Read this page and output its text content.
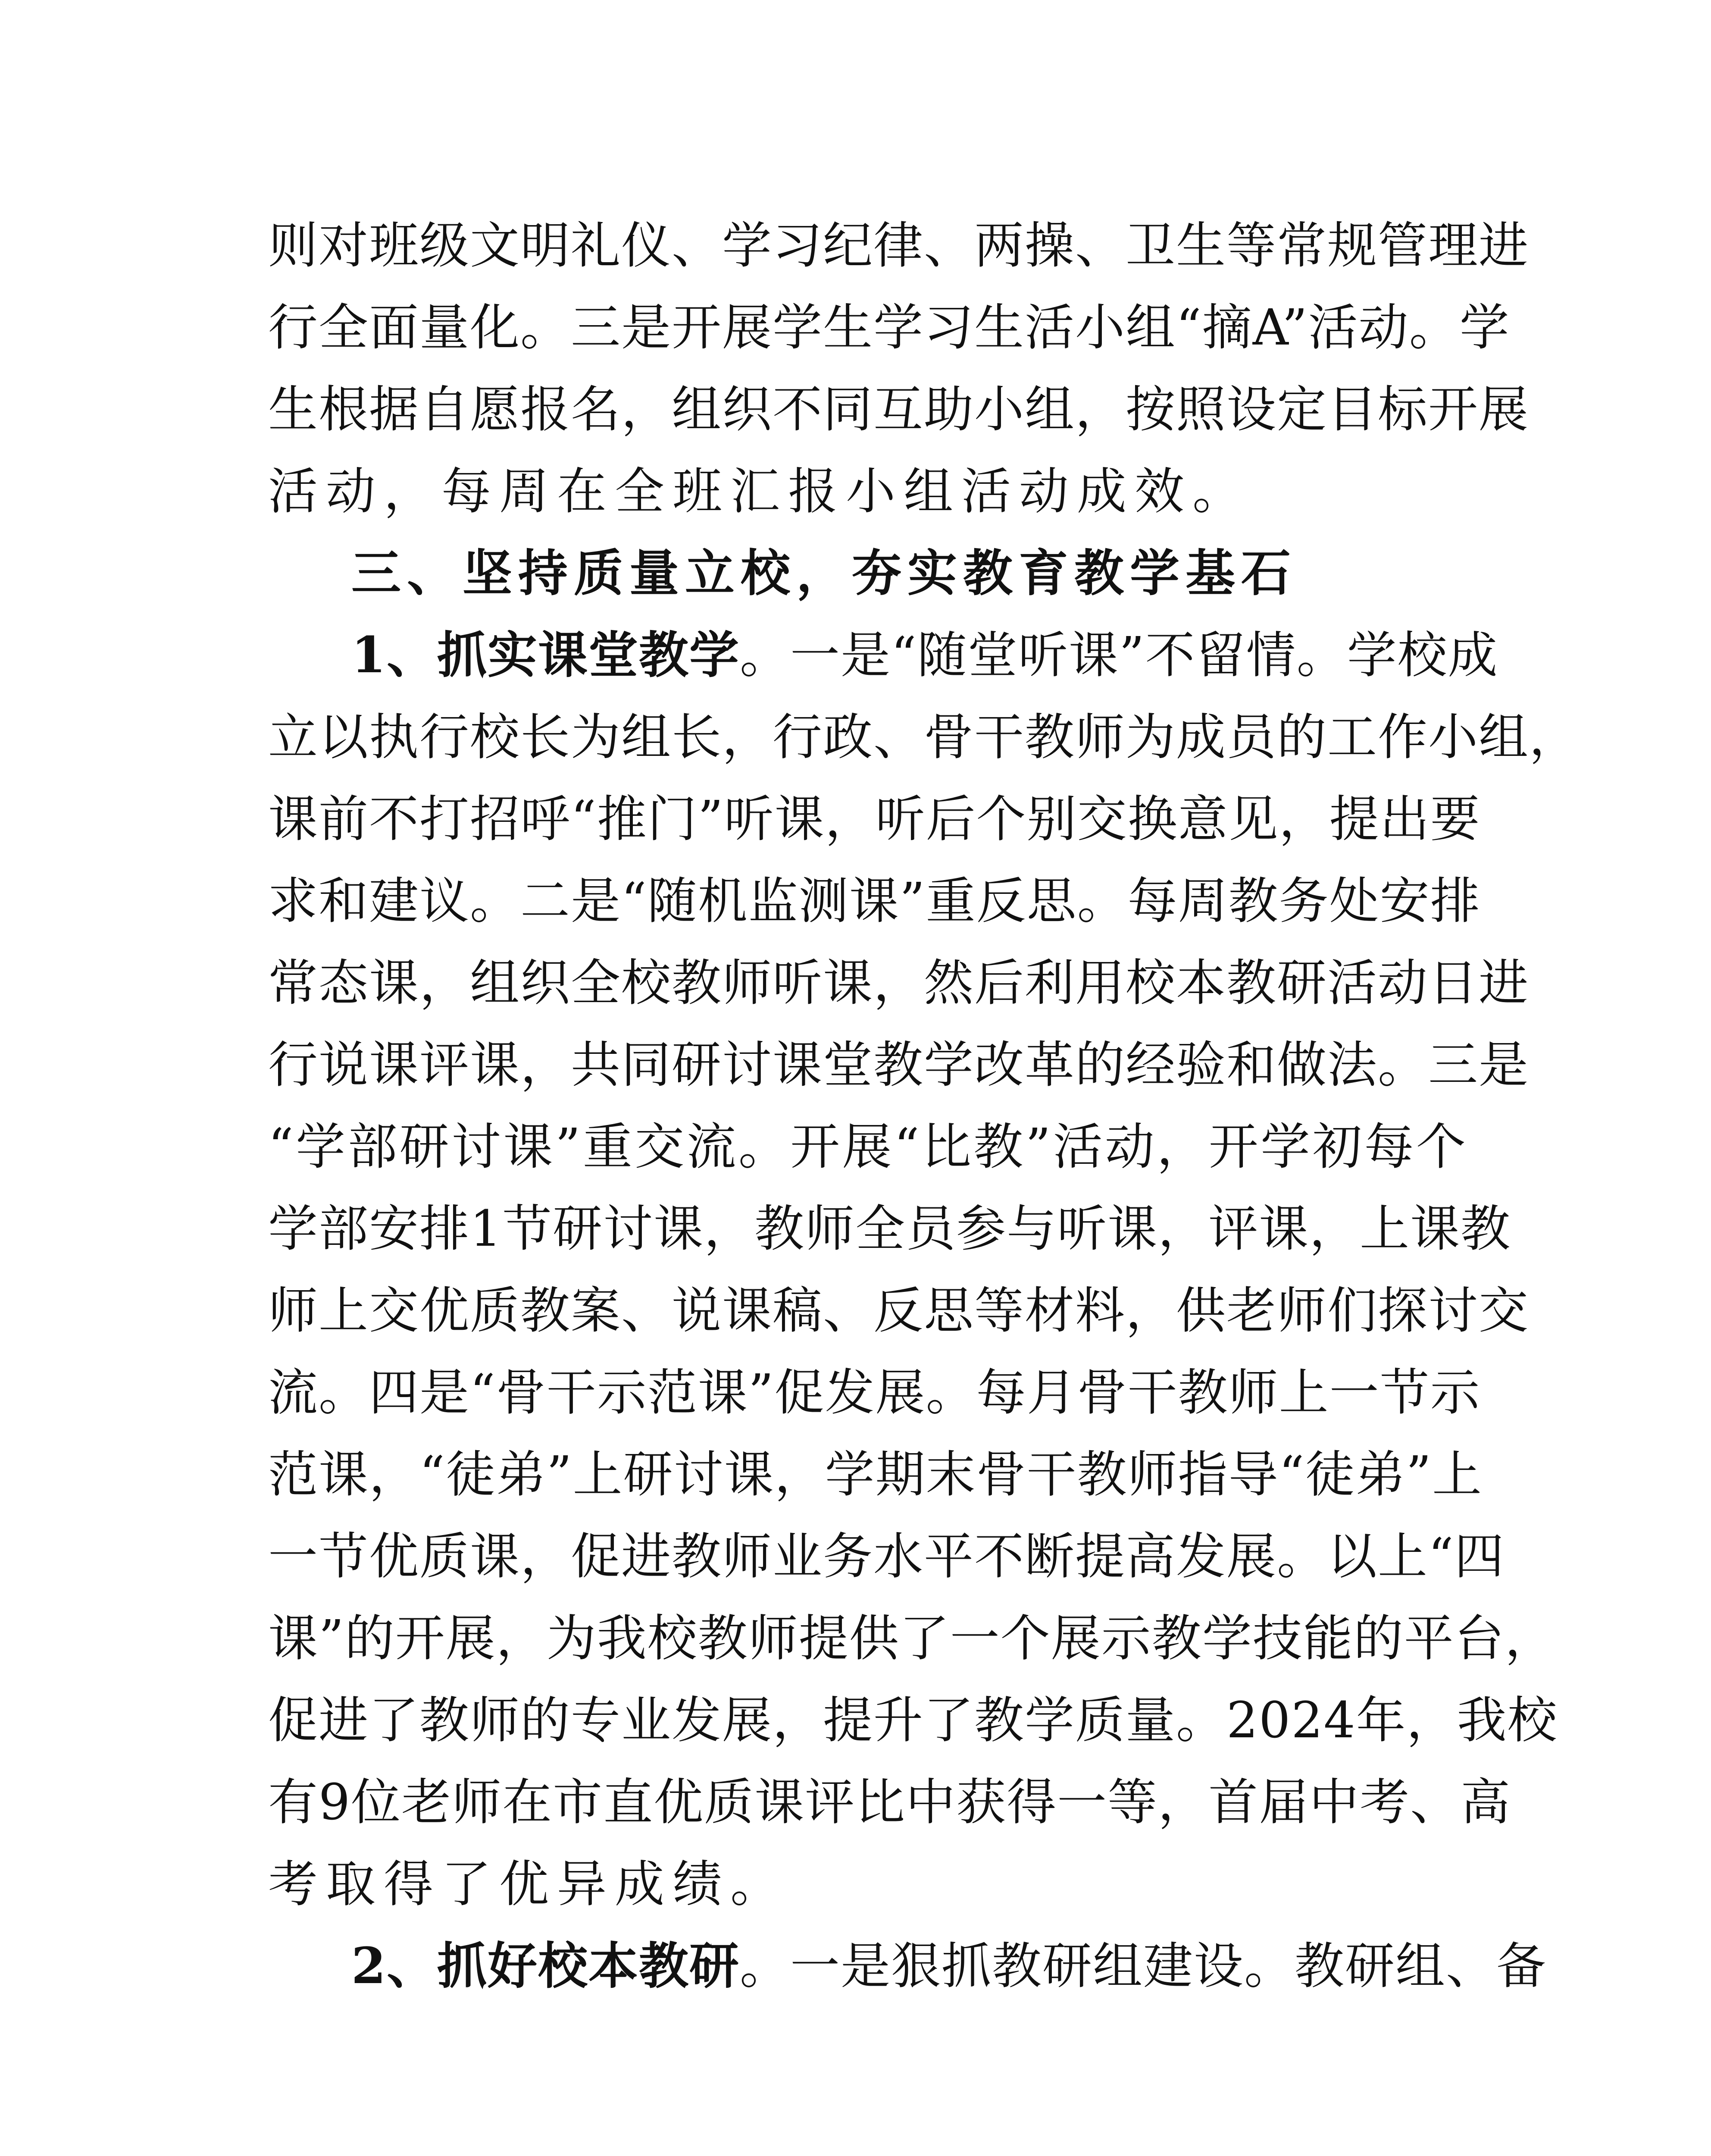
则对班级文明礼仪、学习纪律、两操、卫生等常规管理进
行全面量化。三是开展学生学习生活小组“摘A”活动。学
生根据自愿报名，组织不同互助小组，按照设定目标开展
活动，每周在全班汇报小组活动成效。
三、坚持质量立校，夯实教育教学基石
1、抓实课堂教学。一是“随堂听课”不留情。学校成
立以执行校长为组长，行政、骨干教师为成员的工作小组，
课前不打招呼“推门”听课，听后个别交换意见，提出要
求和建议。二是“随机监测课”重反思。每周教务处安排
常态课，组织全校教师听课，然后利用校本教研活动日进
行说课评课，共同研讨课堂教学改革的经验和做法。三是
“学部研讨课”重交流。开展“比教”活动，开学初每个
学部安排1节研讨课，教师全员参与听课，评课，上课教
师上交优质教案、说课稿、反思等材料，供老师们探讨交
流。四是“骨干示范课”促发展。每月骨干教师上一节示
范课，“徒弟”上研讨课，学期末骨干教师指导“徒弟”上
一节优质课，促进教师业务水平不断提高发展。以上“四
课”的开展，为我校教师提供了一个展示教学技能的平台，
促进了教师的专业发展，提升了教学质量。2024年，我校
有9位老师在市直优质课评比中获得一等，首届中考、高
考取得了优异成绩。
2、抓好校本教研。一是狠抓教研组建设。教研组、备
